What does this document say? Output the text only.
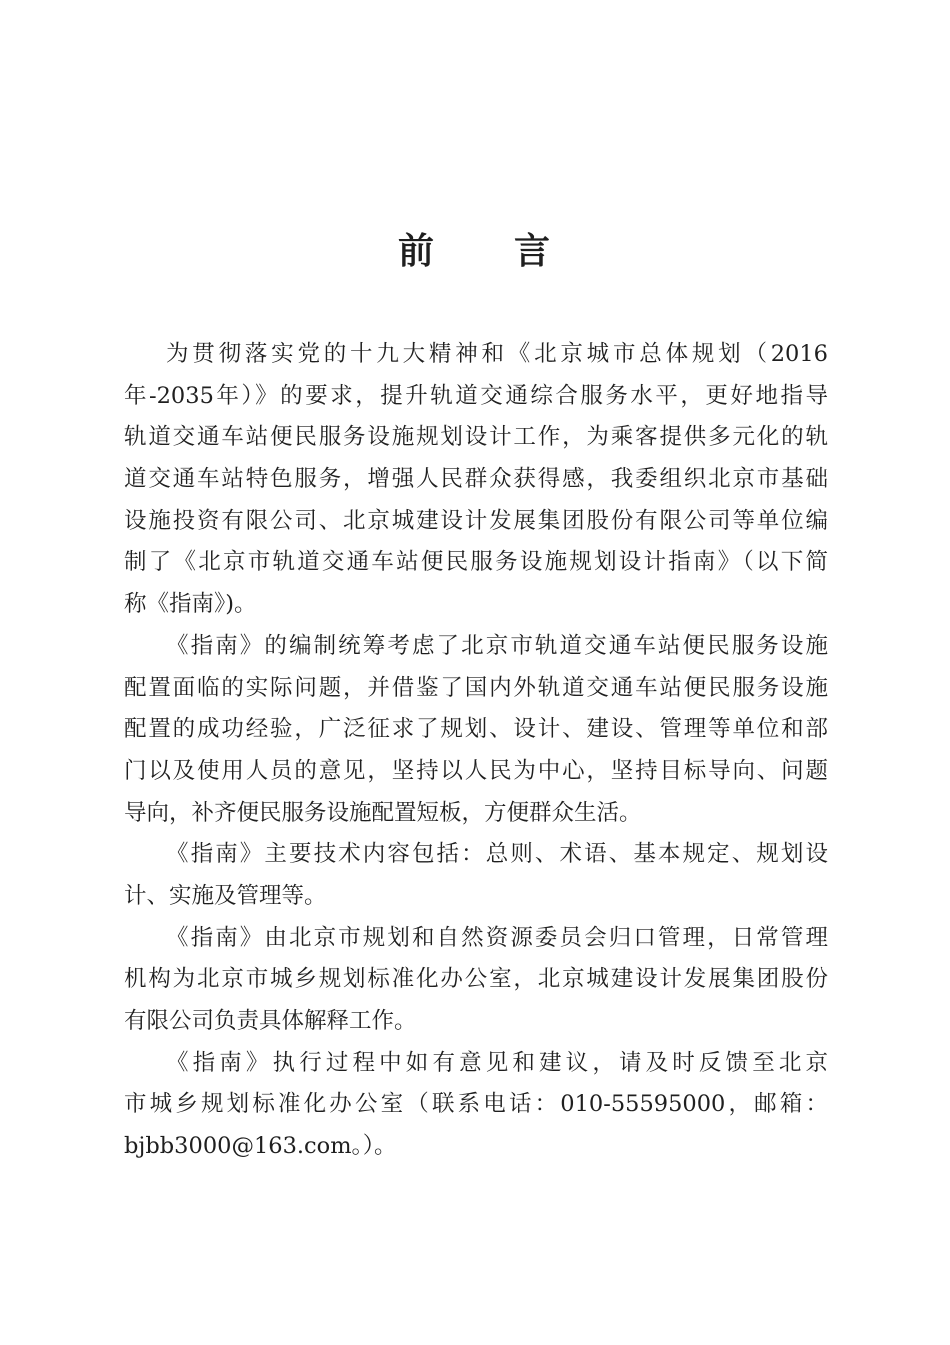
前 言
为贯彻落实党的十九大精神和《北京城市总体规划（2016
年-2035年）》的要求，提升轨道交通综合服务水平，更好地指导
轨道交通车站便民服务设施规划设计工作，为乘客提供多元化的轨
道交通车站特色服务，增强人民群众获得感，我委组织北京市基础
设施投资有限公司、北京城建设计发展集团股份有限公司等单位编
制了《北京市轨道交通车站便民服务设施规划设计指南》（以下简
称《指南》)。
《指南》的编制统筹考虑了北京市轨道交通车站便民服务设施
配置面临的实际问题，并借鉴了国内外轨道交通车站便民服务设施
配置的成功经验，广泛征求了规划、设计、建设、管理等单位和部
门以及使用人员的意见，坚持以人民为中心，坚持目标导向、问题
导向，补齐便民服务设施配置短板，方便群众生活。
《指南》主要技术内容包括：总则、术语、基本规定、规划设
计、实施及管理等。
《指南》由北京市规划和自然资源委员会归口管理，日常管理
机构为北京市城乡规划标准化办公室，北京城建设计发展集团股份
有限公司负责具体解释工作。
《指南》执行过程中如有意见和建议，请及时反馈至北京
市城乡规划标准化办公室（联系电话：010-55595000，邮箱：
bjbb3000@163.com。）。
